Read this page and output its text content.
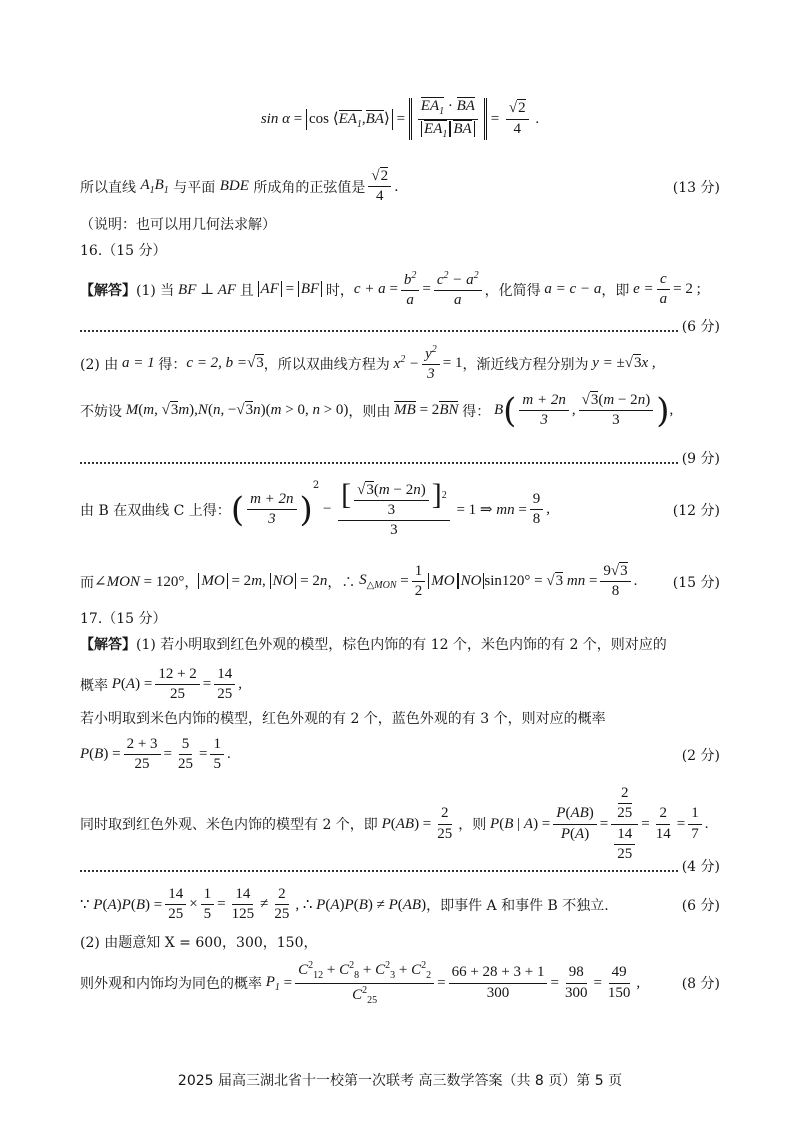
$\sin \alpha = \cos ⟨EA_1,BA⟩ = \frac{EA_1 \cdot BA}{EA_1 BA} = \frac{√2}{4}$ .
所以直线
$A_1B_1$
与平面
BDE
所成角的正弦值是 $\frac{√2}{4}$ .	(13 分)
（说明：也可以用几何法求解）
16.（15 分）
【解答】 (1) 当 BF ⊥ AF 且 AF = BF 时， $c + a = \frac{b^2}{a} = \frac{c^2 - a^2}{a}$ ，化简得 a = c − a ，即 $e = \frac{c}{a} = 2$ ;
(6 分)
(2) 由 a = 1 得： c = 2, b = √3 ，所以双曲线方程为 $x^2 - \frac{y^2}{3} = 1$ ，渐近线方程分别为 y = ± √3 x ,
不妨设 M (m, √3m), N (n, −√3n)(m > 0, n > 0) ，则由 MB = 2BN 得： B ( $\frac{m + 2n}{3}$ , $\frac{√3(m - 2n)}{3}$ ) ,
(9 分)
由 B 在双曲线 C 上得： ( $\frac{m + 2n}{3}$ )
2
− $\frac{[ \frac{√3(m - 2n)}{3} ]^2}{3} = 1$ ⇒ mn = $\frac{9}{8}$ ,	(12 分)
而 ∠MON = 120° ， MO = 2m, NO = 2n ，∴ $S_{\triangle MON} = \frac{1}{2}$ MO NO sin120° = √3 mn = $\frac{9√3}{8}$ .	(15 分)
17.（15 分）
【解答】 (1) 若小明取到红色外观的模型，棕色内饰的有 12 个，米色内饰的有 2 个，则对应的
概率 P $(A) = \frac{12 + 2}{25} = \frac{14}{25}$ ,
若小明取到米色内饰的模型，红色外观的有 2 个，蓝色外观的有 3 个，则对应的概率
P $(B) = \frac{2 + 3}{25} = \frac{5}{25} = \frac{1}{5}$ .	(2 分)
同时取到红色外观、米色内饰的模型有 2 个，即 P $(AB) = \frac{2}{25}$ ，则 P (B | $A) = \frac{P(AB)}{P(A)} = \frac{\frac{2}{25}}{\frac{14}{25}} = \frac{2}{14} = \frac{1}{7}$ .
(4 分)
∵ $P(A)P(B) = \frac{14}{25} \times \frac{1}{5} = \frac{14}{125} \ne \frac{2}{25}$ , ∴ P(A)P(B) ≠ P(AB) ，即事件 A 和事件 B 不独立.	(6 分)
(2) 由题意知 X = 600，300，150，
则外观和内饰均为同色的概率 $P_1 = \frac{C^2_{12} + C^2_8 + C^2_3 + C^2_2}{C^2_{25}} = \frac{66 + 28 + 3 + 1}{300} = \frac{98}{300} = \frac{49}{150}$ ,	(8 分)
2025 届高三湖北省十一校第一次联考 高三数学答案（共 8 页）第 5 页
